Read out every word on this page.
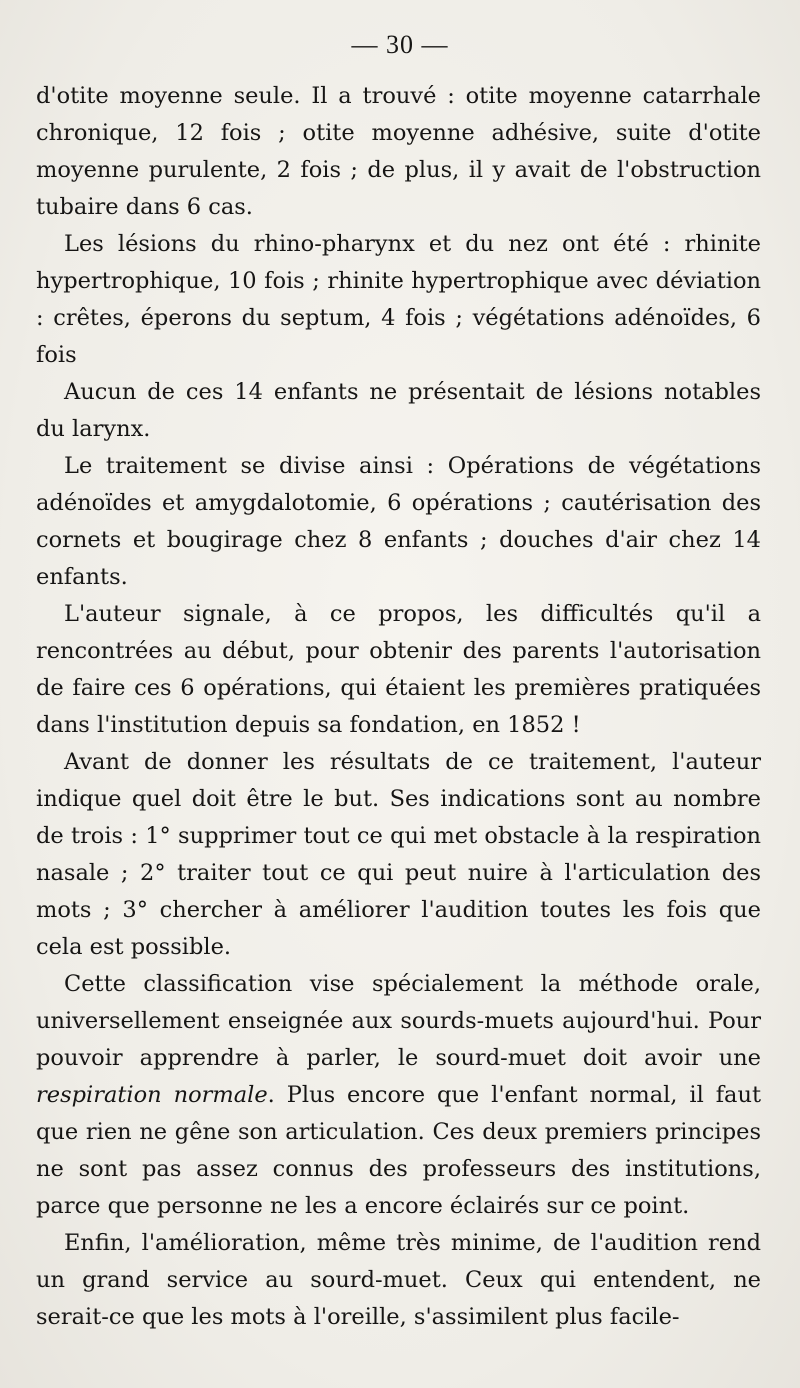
— 30 —

d'otite moyenne seule. Il a trouvé : otite moyenne catarrhale chronique, 12 fois ; otite moyenne adhésive, suite d'otite moyenne purulente, 2 fois ; de plus, il y avait de l'obstruction tubaire dans 6 cas.

Les lésions du rhino-pharynx et du nez ont été : rhinite hypertrophique, 10 fois ; rhinite hypertrophique avec déviation : crêtes, éperons du septum, 4 fois ; végétations adénoïdes, 6 fois

Aucun de ces 14 enfants ne présentait de lésions notables du larynx.

Le traitement se divise ainsi : Opérations de végétations adénoïdes et amygdalotomie, 6 opérations ; cautérisation des cornets et bougirage chez 8 enfants ; douches d'air chez 14 enfants.

L'auteur signale, à ce propos, les difficultés qu'il a rencontrées au début, pour obtenir des parents l'autorisation de faire ces 6 opérations, qui étaient les premières pratiquées dans l'institution depuis sa fondation, en 1852 !

Avant de donner les résultats de ce traitement, l'auteur indique quel doit être le but. Ses indications sont au nombre de trois : 1° supprimer tout ce qui met obstacle à la respiration nasale ; 2° traiter tout ce qui peut nuire à l'articulation des mots ; 3° chercher à améliorer l'audition toutes les fois que cela est possible.

Cette classification vise spécialement la méthode orale, universellement enseignée aux sourds-muets aujourd'hui. Pour pouvoir apprendre à parler, le sourd-muet doit avoir une respiration normale. Plus encore que l'enfant normal, il faut que rien ne gêne son articulation. Ces deux premiers principes ne sont pas assez connus des professeurs des institutions, parce que personne ne les a encore éclairés sur ce point.

Enfin, l'amélioration, même très minime, de l'audition rend un grand service au sourd-muet. Ceux qui entendent, ne serait-ce que les mots à l'oreille, s'assimilent plus facile-
